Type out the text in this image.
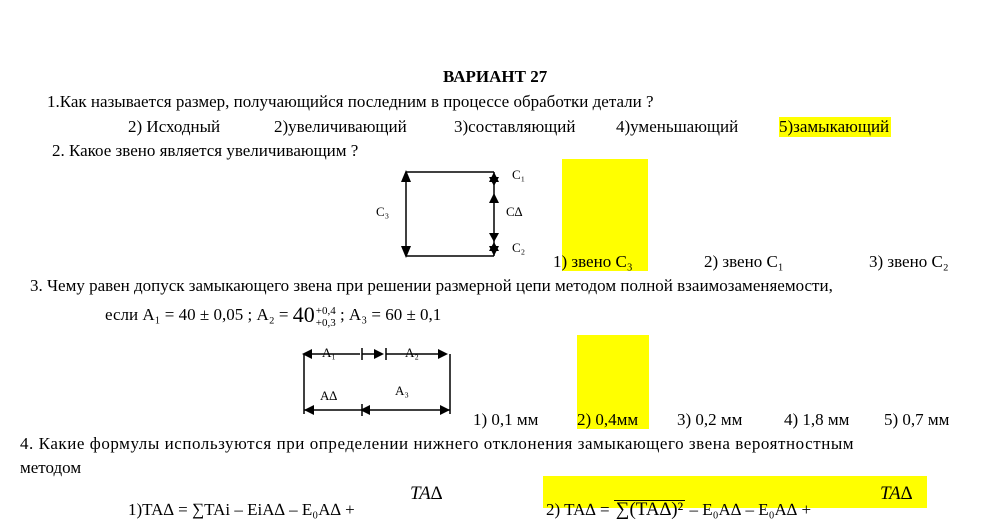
ВАРИАНТ 27
1.Как называется размер, получающийся последним в процессе обработки детали ?
2) Исходный	2)увеличивающий	3)составляющий 4)уменьшающий 5)замыкающий
2. Какое звено является увеличивающим ?
C₃
C₁
C∆
C₂
1) звено С₃	2) звено С₁	3) звено С₂
3. Чему равен допуск замыкающего звена при решении размерной цепи методом полной взаимозаменяемости,
если А₁ = 40 ± 0,05 ; А₂ = 40 +0,4
+0,3 ; А₃ = 60 ± 0,1
A₁	A₂
A∆	A₃
1) 0,1 мм 2) 0,4мм 3) 0,2 мм 4) 1,8 мм 5) 0,7 мм
4. Какие формулы используются при определении нижнего отклонения замыкающего звена вероятностным
методом
TA∆
1)TA∆ = ∑TAi – EiA∆ – E₀A∆ +	2) TA∆ = ∑(TA∆)² – E₀A∆ – E₀A∆ +
TA∆
